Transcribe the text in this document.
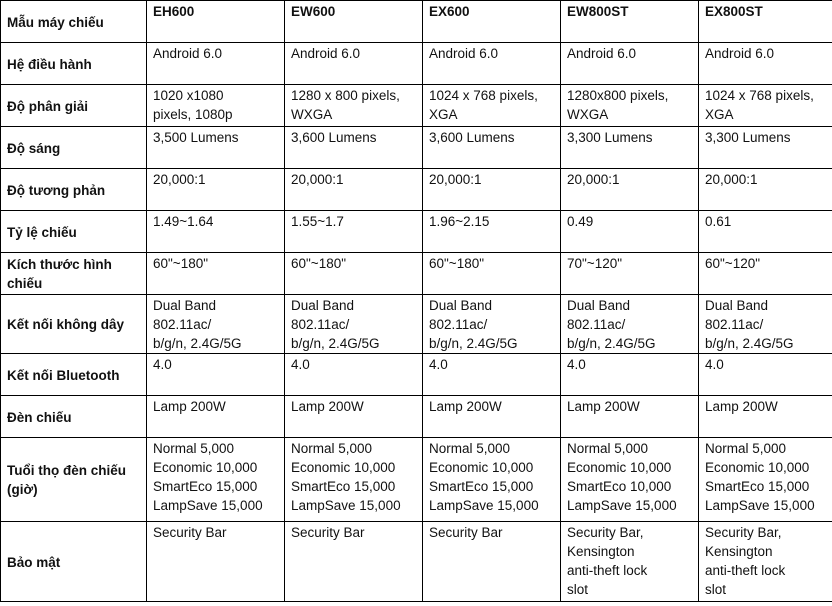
Mẫu máy chiếu	EH600	EW600	EX600	EW800ST	EX800ST

Hệ điều hành	Android 6.0	Android 6.0	Android 6.0	Android 6.0	Android 6.0

Độ phân giải	1020 x1080
pixels, 1080p	1280 x 800 pixels,
WXGA	1024 x 768 pixels,
XGA	1280x800 pixels,
WXGA	1024 x 768 pixels,
XGA

Độ sáng	3,500 Lumens	3,600 Lumens	3,600 Lumens	3,300 Lumens	3,300 Lumens

Độ tương phản	20,000:1	20,000:1	20,000:1	20,000:1	20,000:1

Tỷ lệ chiếu	1.49~1.64	1.55~1.7	1.96~2.15	0.49	0.61

Kích thước hình
chiếu	60"~180"	60"~180"	60"~180"	70"~120"	60"~120"

Kết nối không dây	Dual Band
802.11ac/
b/g/n, 2.4G/5G	Dual Band
802.11ac/
b/g/n, 2.4G/5G	Dual Band
802.11ac/
b/g/n, 2.4G/5G	Dual Band
802.11ac/
b/g/n, 2.4G/5G	Dual Band
802.11ac/
b/g/n, 2.4G/5G

Kết nối Bluetooth	4.0	4.0	4.0	4.0	4.0

Đèn chiếu	Lamp 200W	Lamp 200W	Lamp 200W	Lamp 200W	Lamp 200W

Tuổi thọ đèn chiếu
(giờ)	Normal 5,000
Economic 10,000
SmartEco 15,000
LampSave 15,000	Normal 5,000
Economic 10,000
SmartEco 15,000
LampSave 15,000	Normal 5,000
Economic 10,000
SmartEco 15,000
LampSave 15,000	Normal 5,000
Economic 10,000
SmartEco 10,000
LampSave 15,000	Normal 5,000
Economic 10,000
SmartEco 15,000
LampSave 15,000

Bảo mật	Security Bar	Security Bar	Security Bar	Security Bar,
Kensington
anti-theft lock
slot	Security Bar,
Kensington
anti-theft lock
slot
